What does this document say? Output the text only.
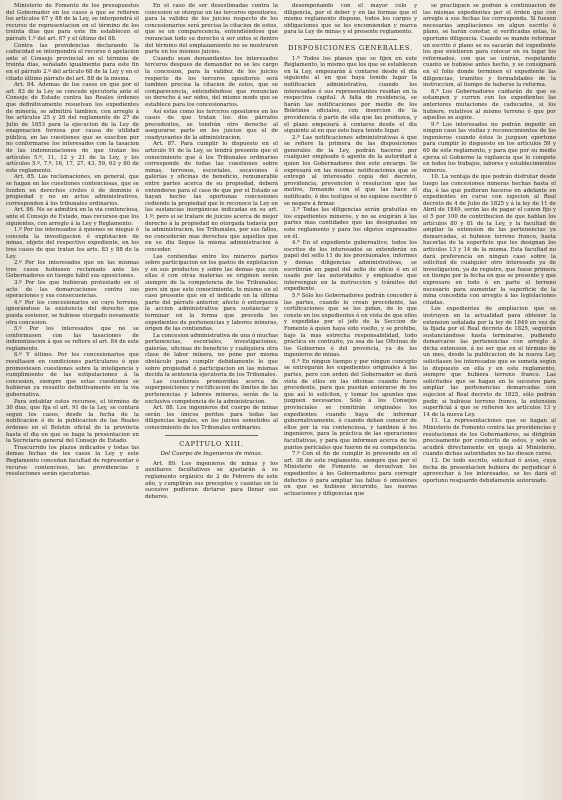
Ministerio de Fomento de los presupuestos del Gobernador en los casos a que se refieren los artículos 67 y 88 de la Ley, se interpondrá el recurso de representacion en el término de los treinta dias que para este fin establecen el párrafo 1.º del art. 67 y el último del 88.

Contra las providencias declarando la caducidad se interpondrá el recurso ó apelacion ante el Consejo provincial en el término de treinta dias, señalado igualmente para este fin en el párrafo 2.º del artículo 68 de la Ley y en el citado último párrafo del art. 88 de la misma.

Art. 84. Ademas de los casos en que por el art. 83 de la Ley se concede ejecutoria ante el Consejo de Estado contra las Reales órdenes que definitivamente resuelvan los expedientes de minería, se admitirá tambien, con arreglo á los artículos 25 y 26 del reglamento de 27 de Julio de 1853 para la ejecucion de la Ley de enagenacion forzosa por causa de utilidad pública, en las cuestiones que se susciten por no conformarse los interesados con la tasacion de las indemnizaciones de que tratan los artículos 5.º, 11, 12 y 21 de la Ley, y los artículos 5.º, 7.º, 16, 17, 27, 43, 59, 62 y 80 de este reglamento.

Art. 85. Las reclamaciones, en general, que se hagan en las cuestiones contenciosas, que se funden en derechos civiles ó de dominio ó propiedad y no en actos administrativos, corresponden á los tribunales ordinarios.

Art. 86. No se admitirá en la via contenciosa, ante el Consejo de Estado, mas recursos que los siguientes, con arreglo á la Ley y Reglamento:

1.º Por los interesados á quienes se niegue ó conceda la investigacion ó explotacion de minas, objeto del respectivo expediente, en los tres casos de que tratan los arts. 83 y 88 de la Ley.

2.º Por los interesados que en las mismas tres casos hubiesen reclamado ante los Gobernadores en tiempo hábil sus oposiciones.

3.º Por los que hubieran protestado en el acto de las demarcaciones contra sus operaciones y sus consecuencias.

4.º Por los concesionarios en cuyo terreno, ignorándose la existencia del derecho que pueda sostener, se hubiese otorgado novamente otra concesion.

5.º Por los interesados que no se conformasen con las tasaciones de indemnizacion á que se refiere el art. 84 de este reglamento.

6.º Y último. Por los concesionarios que resultasen en condiciones particulares ó que promoviesen cuestiones sobre la inteligencia y cumplimiento de las estipulaciones á la concesion, siempre que estas cuestiones se hubieran ya resuelto definitivamente en la via gubernativa.

Para entablar estos recursos, el término de 30 dias, que fija el art. 91 de la Ley, se contará segun los casos, desde la fecha de la notificacion ó de la publicacion de las Reales órdenes en el Boletin oficial de la provincia hasta el dia en que se haga la presentacion en la Secretaría general del Consejo de Estado.

Trascurrido los plazos indicados y todas las demas fechas de los casos la Ley y este Reglamento concedan facultad de representar ó recurso contencioso, las providencias y resoluciones serán ejecutorias.

En el caso de ser desestimadas contra la concesion se otorgue un las terceros opositores, para la validez de los juicios respecto de los concesionarios será precisa la citacion de estos, que se un comparecencia, entendiéndose que renuncian todo su derecho á ser oidos si dentro del término del emplazamiento no se mostraren parte en los mismos juicios.

Cuando sean demandantes los interesados terceros despues de demandar no se les cargo la concesion, para la validez de los juicios respecto de los terceros opositores será tambien precisa la citacion de estos, que se comparecencia, entendiéndose que renuncian su derecho á ser oidos, del mismo modo que se establece para los concesionarios.

Así estas como los terceros opositores en los casos de que tratan los dos párrafos precedentes, se tendrán otro derecho al asegurarse parte en los juicios que el de coadyuvantes de la administracion.

Art. 87. Para cumplir lo dispuesto en el artículo 91 de la Ley, se tendrá presente que el conocimiento que á los Tribunales ordinarios corresponde de todas las cuestiones sobre minas, terrenos, escoriales, socavones ó galerías y oficinas de beneficio, remunerable entre partes acerca de su propiedad, deberá entenderse para el caso de que por el Estado se hayan hecho las oportunas concesiones cediendo la propiedad que le reconoce la Ley en las sustancias inorgánicas indicadas en su art. 1.º; pero si se tratare de juicios acerca de mejor derecho á la propiedad no otorgada todavía por la administracion, los Tribunales, por sus fallos, no concederán mas derechos que aquellos que en su dia llegue la misma administracion á conceder.

Las contiendas entre los mineros partes sobre participacion en los gastos de explotacion y en sus productos y sobre las demas que con ellas ó con otras materias se originen serán siempre de la competencia de los Tribunales; pero sin que esto conocimiento, lo mismo en el caso presente que en el indicado en la última parte del párrafo anterior, afecte ó entorpezca la accion administrativa para sustanciar y terminar en la forma que proceda los expedientes de pertenencias y labores mineras, origen de las contiendas.

La concesion administrativa de una ó muchas pertenencias, escoriales, investigaciones, galerías, oficinas de beneficio y cualquiera otra clase de labor minera, no pone por misma obstáculo para cumplir debidamente lo que sobre propiedad ó participacion en las mismas decida la sentencia ejecutoria de los Tribunales.

Las cuestiones promovidas acerca de superposiciones y rectificacion de límites de las pertenencias y labores mineras, serán de la exclusiva competencia de la administracion.

Art. 88. Los ingenieros del cuerpo de minas serán los únicos peritos para todas las diligencias legales, en los juicios sometidos al conocimiento de los Tribunales ordinarios.

CAPÍTULO XIII.
Del Cuerpo de Ingenieros de minas.

Art. 89. Los ingenieros de minas y los auxiliares facultativos se ajustarán á su reglamento orgánico de 2 de Febrero de este año, y cumplirán sus preceptos y cuantas en lo sucesivo pudieran dictarse para llenar sus deberes.

desempeñando con el mayor celo y diligencia, por el deber y en las formas que el mismo reglamento dispone, todos los cargos y obligaciones que se les encomiendan y marca para la Ley de minas y el presente reglamento.

DISPOSICIONES GENERALES.

1.ª Todos los planos que se fijen en este Reglamento, lo mismo que los que se establecen en la Ley, empezarán á contarse desde el dia siguiente al en que haya tenido lugar la notificacion administrativa, cuando los interesados ó sus representantes residan en la respectiva capital. A falta de residencia, se harán las notificaciones por medio de los Boletines oficiales, con insercion de la providencia ó parte de ella que las produzca, y el plazo empezará á contarse desde el dia siguiente al en que esto haya tenido lugar.

2.ª Las notificaciones administrativas á que se refiere la primera de las disposiciones generales de la Ley, podrán hacerse por cualquier empleado ó agente de la autoridad á quien los Gobernadores den este encargo. Se expresará en las mismas notificaciones que se entregó al interesado copia del decreto, providencia, prevencion ó resolucion que las motive, firmando con el que las hace el notificado, ó dos testigos si no supiese escribir ó se negare á firmar.

3.ª Todas las diligencias serán gratuitas en los expedientes mineros, y no se exigirán á las partes mas cantidades que las designadas en este reglamento y para los objetos expresados en él.

4.ª En el expediente gubernativo, todos los escritos de los interesados se extenderán en papel del sello 11 de los provisionales, informes y demas diligencias administrativas, se escribirán en papel del sello de oficio ó en el usado por las autoridades y empleados que intervengan en la instruccion y trámites del expediente.

5.ª Sólo los Gobernadores podrán conceder á las partes, cuando lo crean procedente, las certificaciones que se les pidan, de lo que conste en los expedientes ó en vista de que ellos y expedidas por el jefe de la Seccion de Fomento á quien haya sido vuelto, y se prohibe, bajo la mas estrecha responsabilidad, todo práctica en contrario, ya sea de las Oficinas de los Gobiernos ó del provincia, ya de los ingenieros de minas.

6.ª En ningun tiempo y por ningun concepto se entregarán los expedientes originales á las partes, pero con orden del Gobernador se dará vista de ellos en las oficinas cuando fuere procedente, para que puedan enterarse de los que así lo soliciten, y tomar los apuntes que juzguen necesarios. Sólo á los Consejos provinciales se remitirán originales los expedientes cuando haya de informar gubernativamente, ó cuando deban conocer de ellos por la via contenciosa, y tambien á los ingenieros, para la práctica de las operaciones facultativas, y para que informen acerca de los puntos periciales que fueren de su competencia.

7.ª Con el fin de cumplir lo prevenido en el art. 38 de este reglamento, siempre que por el Ministerio de Fomento se devuelvan los expedientes á los Gobernadores para corregir defectos ó para ampliar las faltas ó omisiones en que se hubiese incurrido, las nuevas actuaciones y diligencias que

se practiquen se podrán á continuacion de las mismas expedientes por el órden que con arreglo á sus fechas les corresponda. Si fuesen necesarias ampliaciones en algun escrito ó plano, se harán constar, si verificadas estas, lo oportuno diligencia. Cuando se mande reformar un escrito ó plano se es sacarán del expediente los que existieren para colocar en su lugar los reformados, con que se unirán, respetando cuanto se hubiese antes hecho, y se consignará en el folio donde terminen el expediente las diligencias, tramites y formalidades de la instruccion, al tiempo de haberse la reforma.

8.ª Los Gobernadores cuidarán de que se estampen y curren con los expedientes las anteriores mutaciones de caducados, si los hubiere, relativos al mismo terreno ó que por aquellos se aspire.

9.ª Los interesados no podrán impedir en ningun caso las visitas y reconocimientos de los ingenieros cuando éstos lo juzguen oportuno para cumplir lo dispuesto en los artículos 59 y 60 de este reglamento, y para que por su medio ejerza el Gobierno la vigilancia que le compete en todos los trabajos, labores y establecimientos mineros.

10. La ventaja de que podrán disfrutar desde luego las concesiones mineras hechas hasta el dia, ó las que pudieran hacerse en adelante en expedientes en curso con sujecion al Real decreto de 4 de Julio de 1825 y á la ley de 11 de Abril de 1849, serán las de pagar el canon fijo y el 5 por 100 de contribucion de que hablan los artículos 80 y 81 de la Ley, y la facultad de ampliar la extension de las pertenencias ya demarcadas, si hubiese terreno franco, hasta hacerlas de la superficie que les designan los artículos 13 y 14 de la misma. Esta facultad no dará preferencia en ningun caso sobre la solicitud de cualquier otro interesado ya de investigacion, ya de registro, que fuese primera en tiempo por la fecha en que se presente y que expresare en todo ó en parte el terreno necesario para aumentar la superficie de la mina concedida con arreglo á las legislaciones citadas.

Los expedientes de ampliacion que se instruyen en la actualidad para obtener la extension señalada por la ley de 1849 en vez de la fijada por el Real decreto de 1825, seguirán sustanciándose hasta terminarse, pudiendo demarcarse las pertenencias con arreglo á dicha extension, á no ser que en el término de un mes, desde la publicacion de la nueva Ley, solicitasen los interesados que se someta según lo dispuesto en ella y en este reglamento, siempre que hubiera terreno franco. Las solicitudes que se hagan en lo sucesivo para ampliar las pertenencias demarcadas con sujecion al Real decreto de 1825, sólo podrán pedir, si hubiese terreno franco, la extension superficial á que se refieren los artículos 13 y 14 de la nueva Ley.

11. La representaciones que se hagan al Ministerio de Fomento contra las providencias y resoluciones de los Gobernadores, se dirigirán precisamente por conducto de estos, y solo se acudirá directamente en queja al Ministerio, cuando dichas autoridades no las diesen curso.

12. De todo escrito, solicitud ó aviso, cuya fecha de presentacion hubiera de perjudicar ó aprovechar á los interesados, se les dará el oportuno resguardo debidamente autorizado.
